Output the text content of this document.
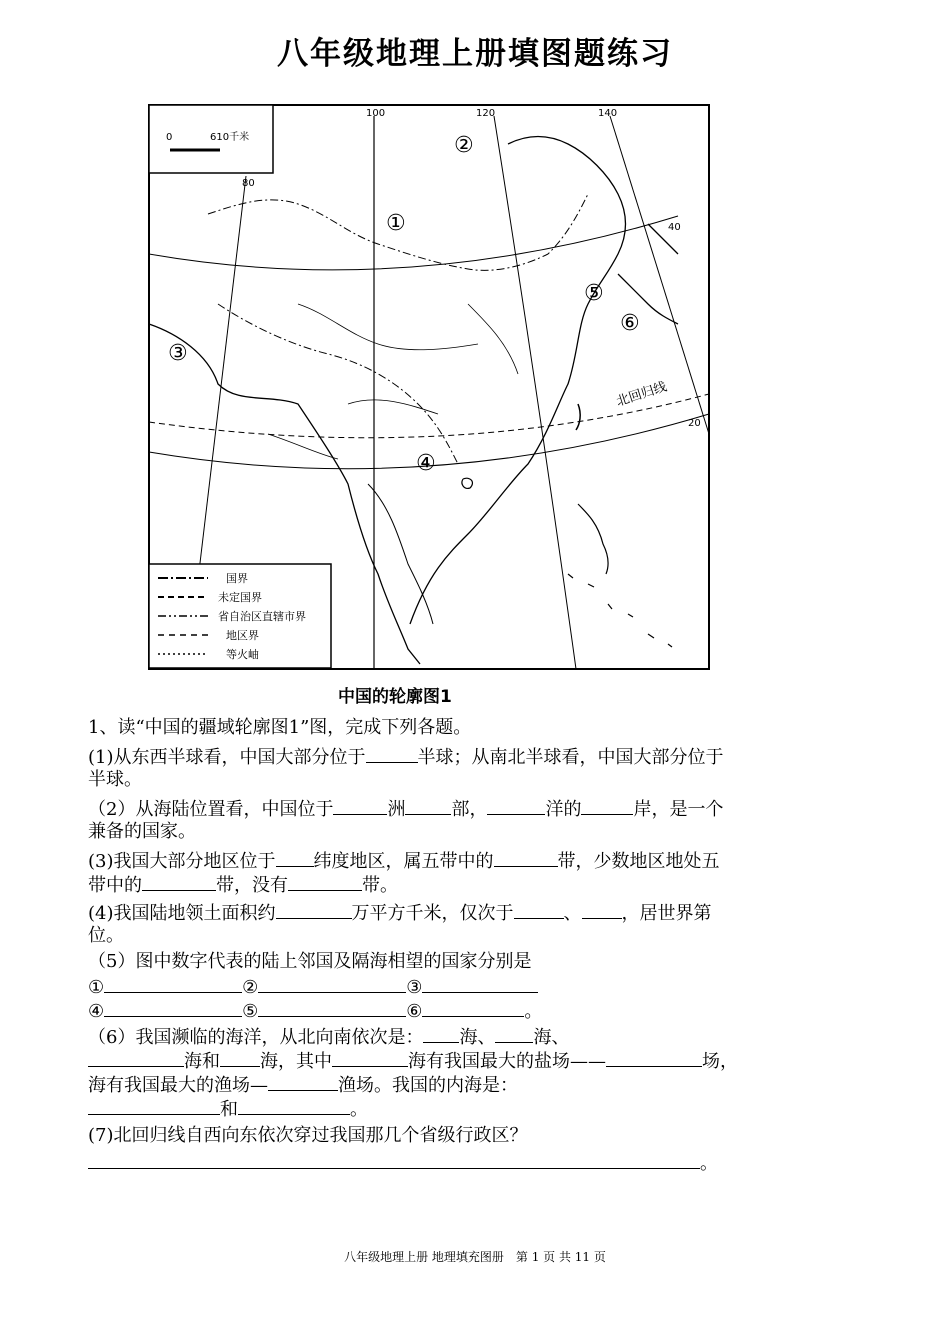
八年级地理上册填图题练习
0	610千米
80
100	120	140
40
20
北回归线
①
②
③
④
⑤
⑥
国界
未定国界
省自治区直辖市界
地区界
等火岫
中国的轮廓图1
1、读“中国的疆域轮廓图1”图，完成下列各题。
(1)从东西半球看，中国大部分位于	半球；从南北半球看，中国大部分位于
半球。
（2）从海陆位置看，中国位于	洲	部，	洋的	岸，是一个
兼备的国家。
(3)我国大部分地区位于 纬度地区，属五带中的	带，少数地区地处五
带中的	带，没有	带。
(4)我国陆地领土面积约	万平方千米，仅次于	、 ，居世界第
位。
（5）图中数字代表的陆上邻国及隔海相望的国家分别是
①	②	③
④	⑤	⑥	。
（6）我国濒临的海洋，从北向南依次是： 海、 海、
海和 海，其中	海有我国最大的盐场——	场，
海有我国最大的渔场—	渔场。我国的内海是：
和	。
(7)北回归线自西向东依次穿过我国那几个省级行政区？
。
八年级地理上册 地理填充图册　第 1 页 共 11 页
